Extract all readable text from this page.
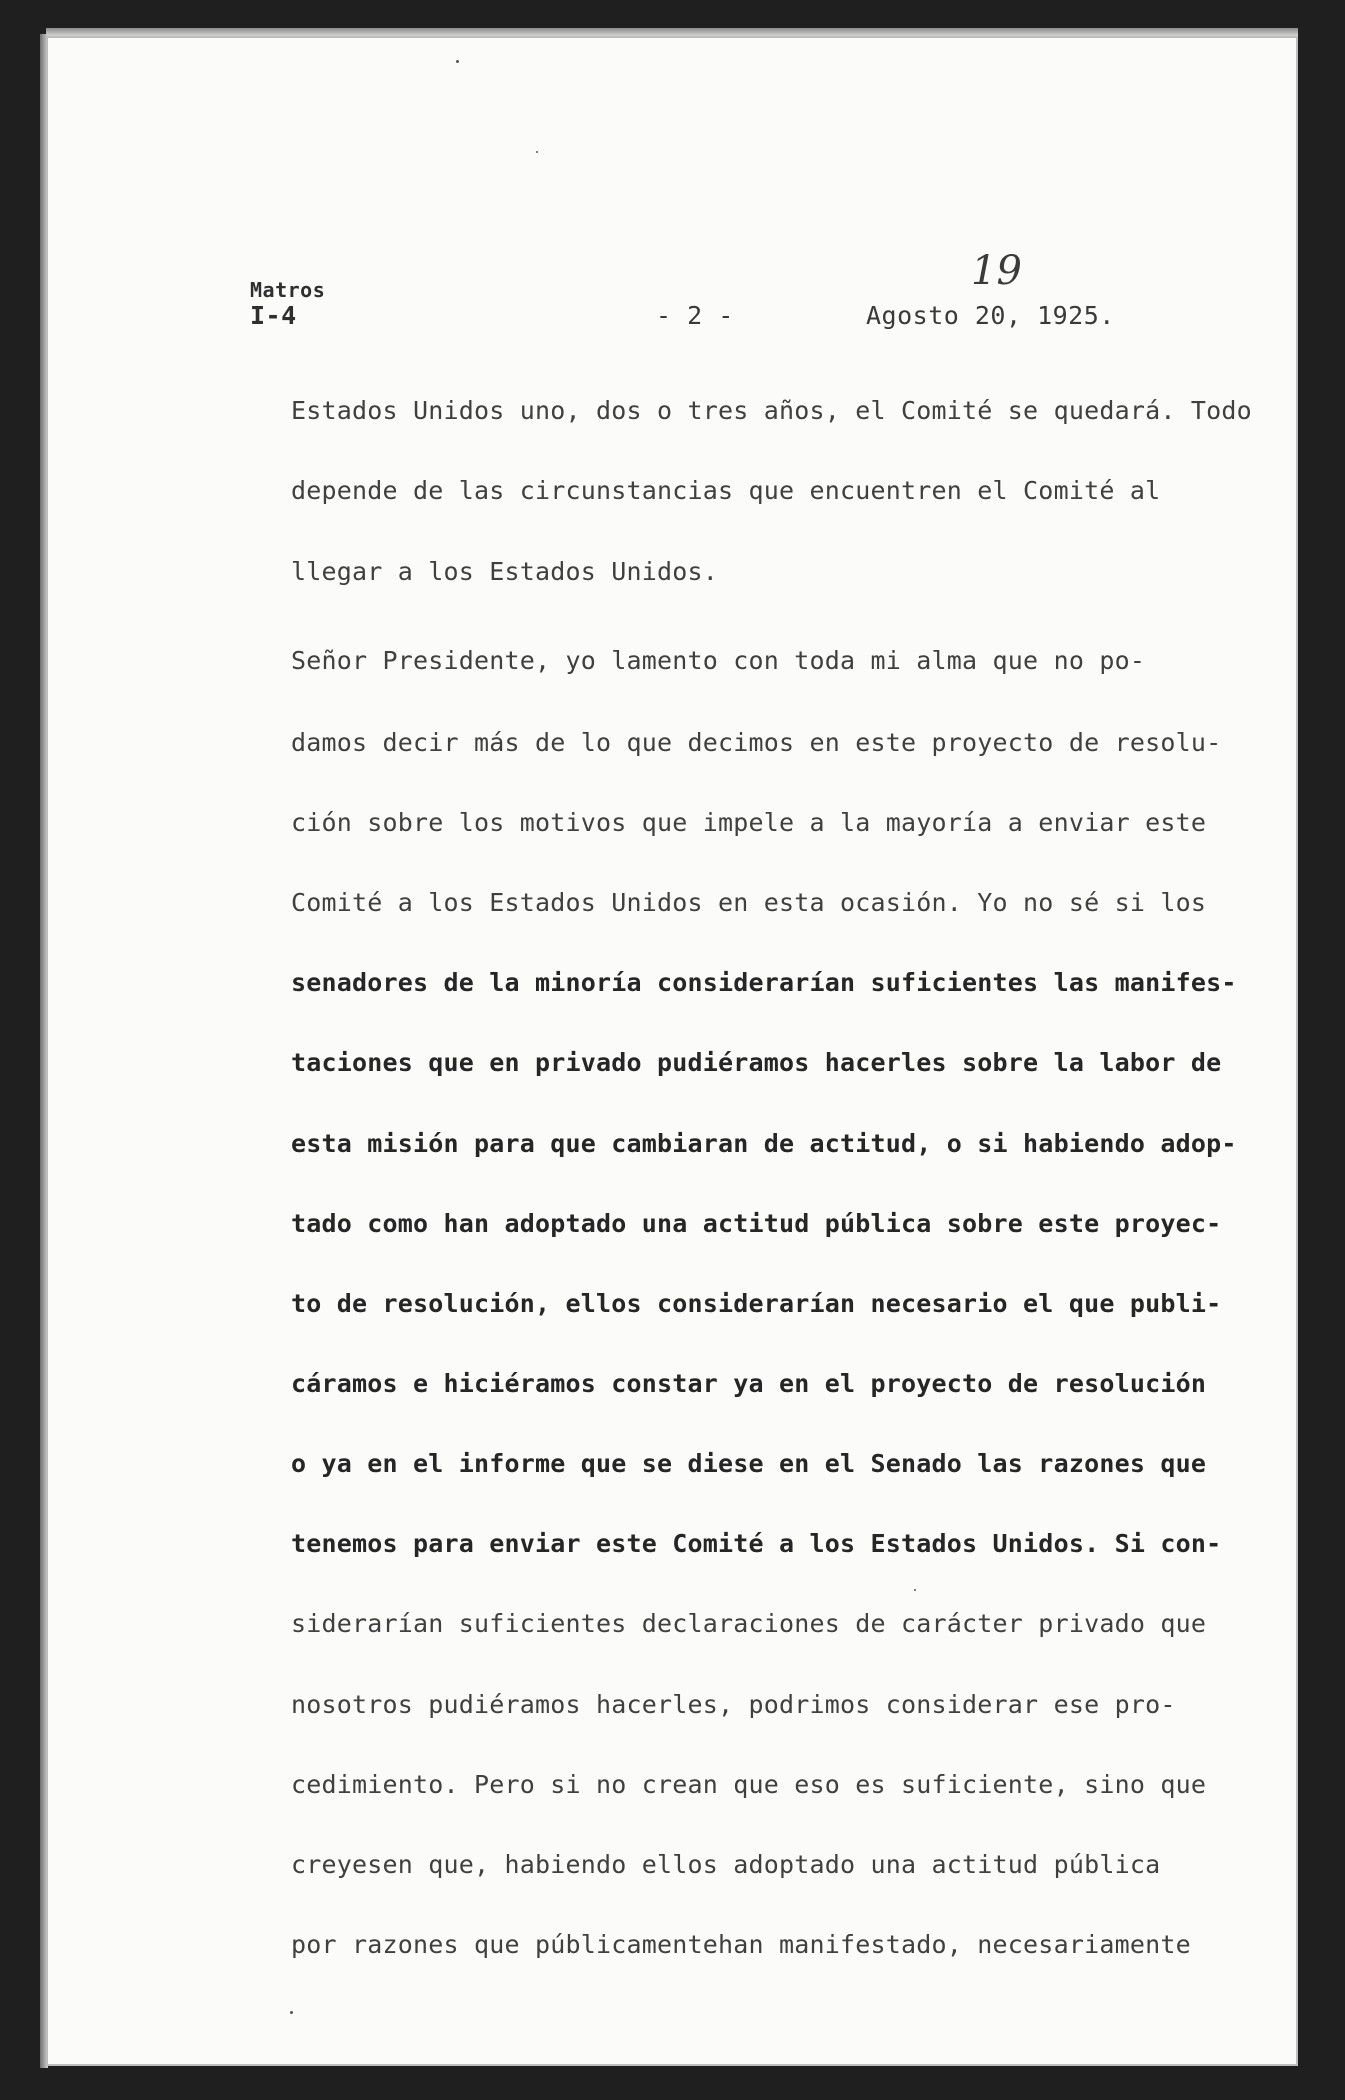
Matros
I-4	- 2 -	Agosto 20, 1925.
19
Estados Unidos uno, dos o tres años, el Comité se quedará. Todo
depende de las circunstancias que encuentren el Comité al
llegar a los Estados Unidos.
Señor Presidente, yo lamento con toda mi alma que no po-
damos decir más de lo que decimos en este proyecto de resolu-
ción sobre los motivos que impele a la mayoría a enviar este
Comité a los Estados Unidos en esta ocasión. Yo no sé si los
senadores de la minoría considerarían suficientes las manifes-
taciones que en privado pudiéramos hacerles sobre la labor de
esta misión para que cambiaran de actitud, o si habiendo adop-
tado como han adoptado una actitud pública sobre este proyec-
to de resolución, ellos considerarían necesario el que publi-
cáramos e hiciéramos constar ya en el proyecto de resolución
o ya en el informe que se diese en el Senado las razones que
tenemos para enviar este Comité a los Estados Unidos. Si con-
siderarían suficientes declaraciones de carácter privado que
nosotros pudiéramos hacerles, podrimos considerar ese pro-
cedimiento. Pero si no crean que eso es suficiente, sino que
creyesen que, habiendo ellos adoptado una actitud pública
por razones que públicamentehan manifestado, necesariamente
